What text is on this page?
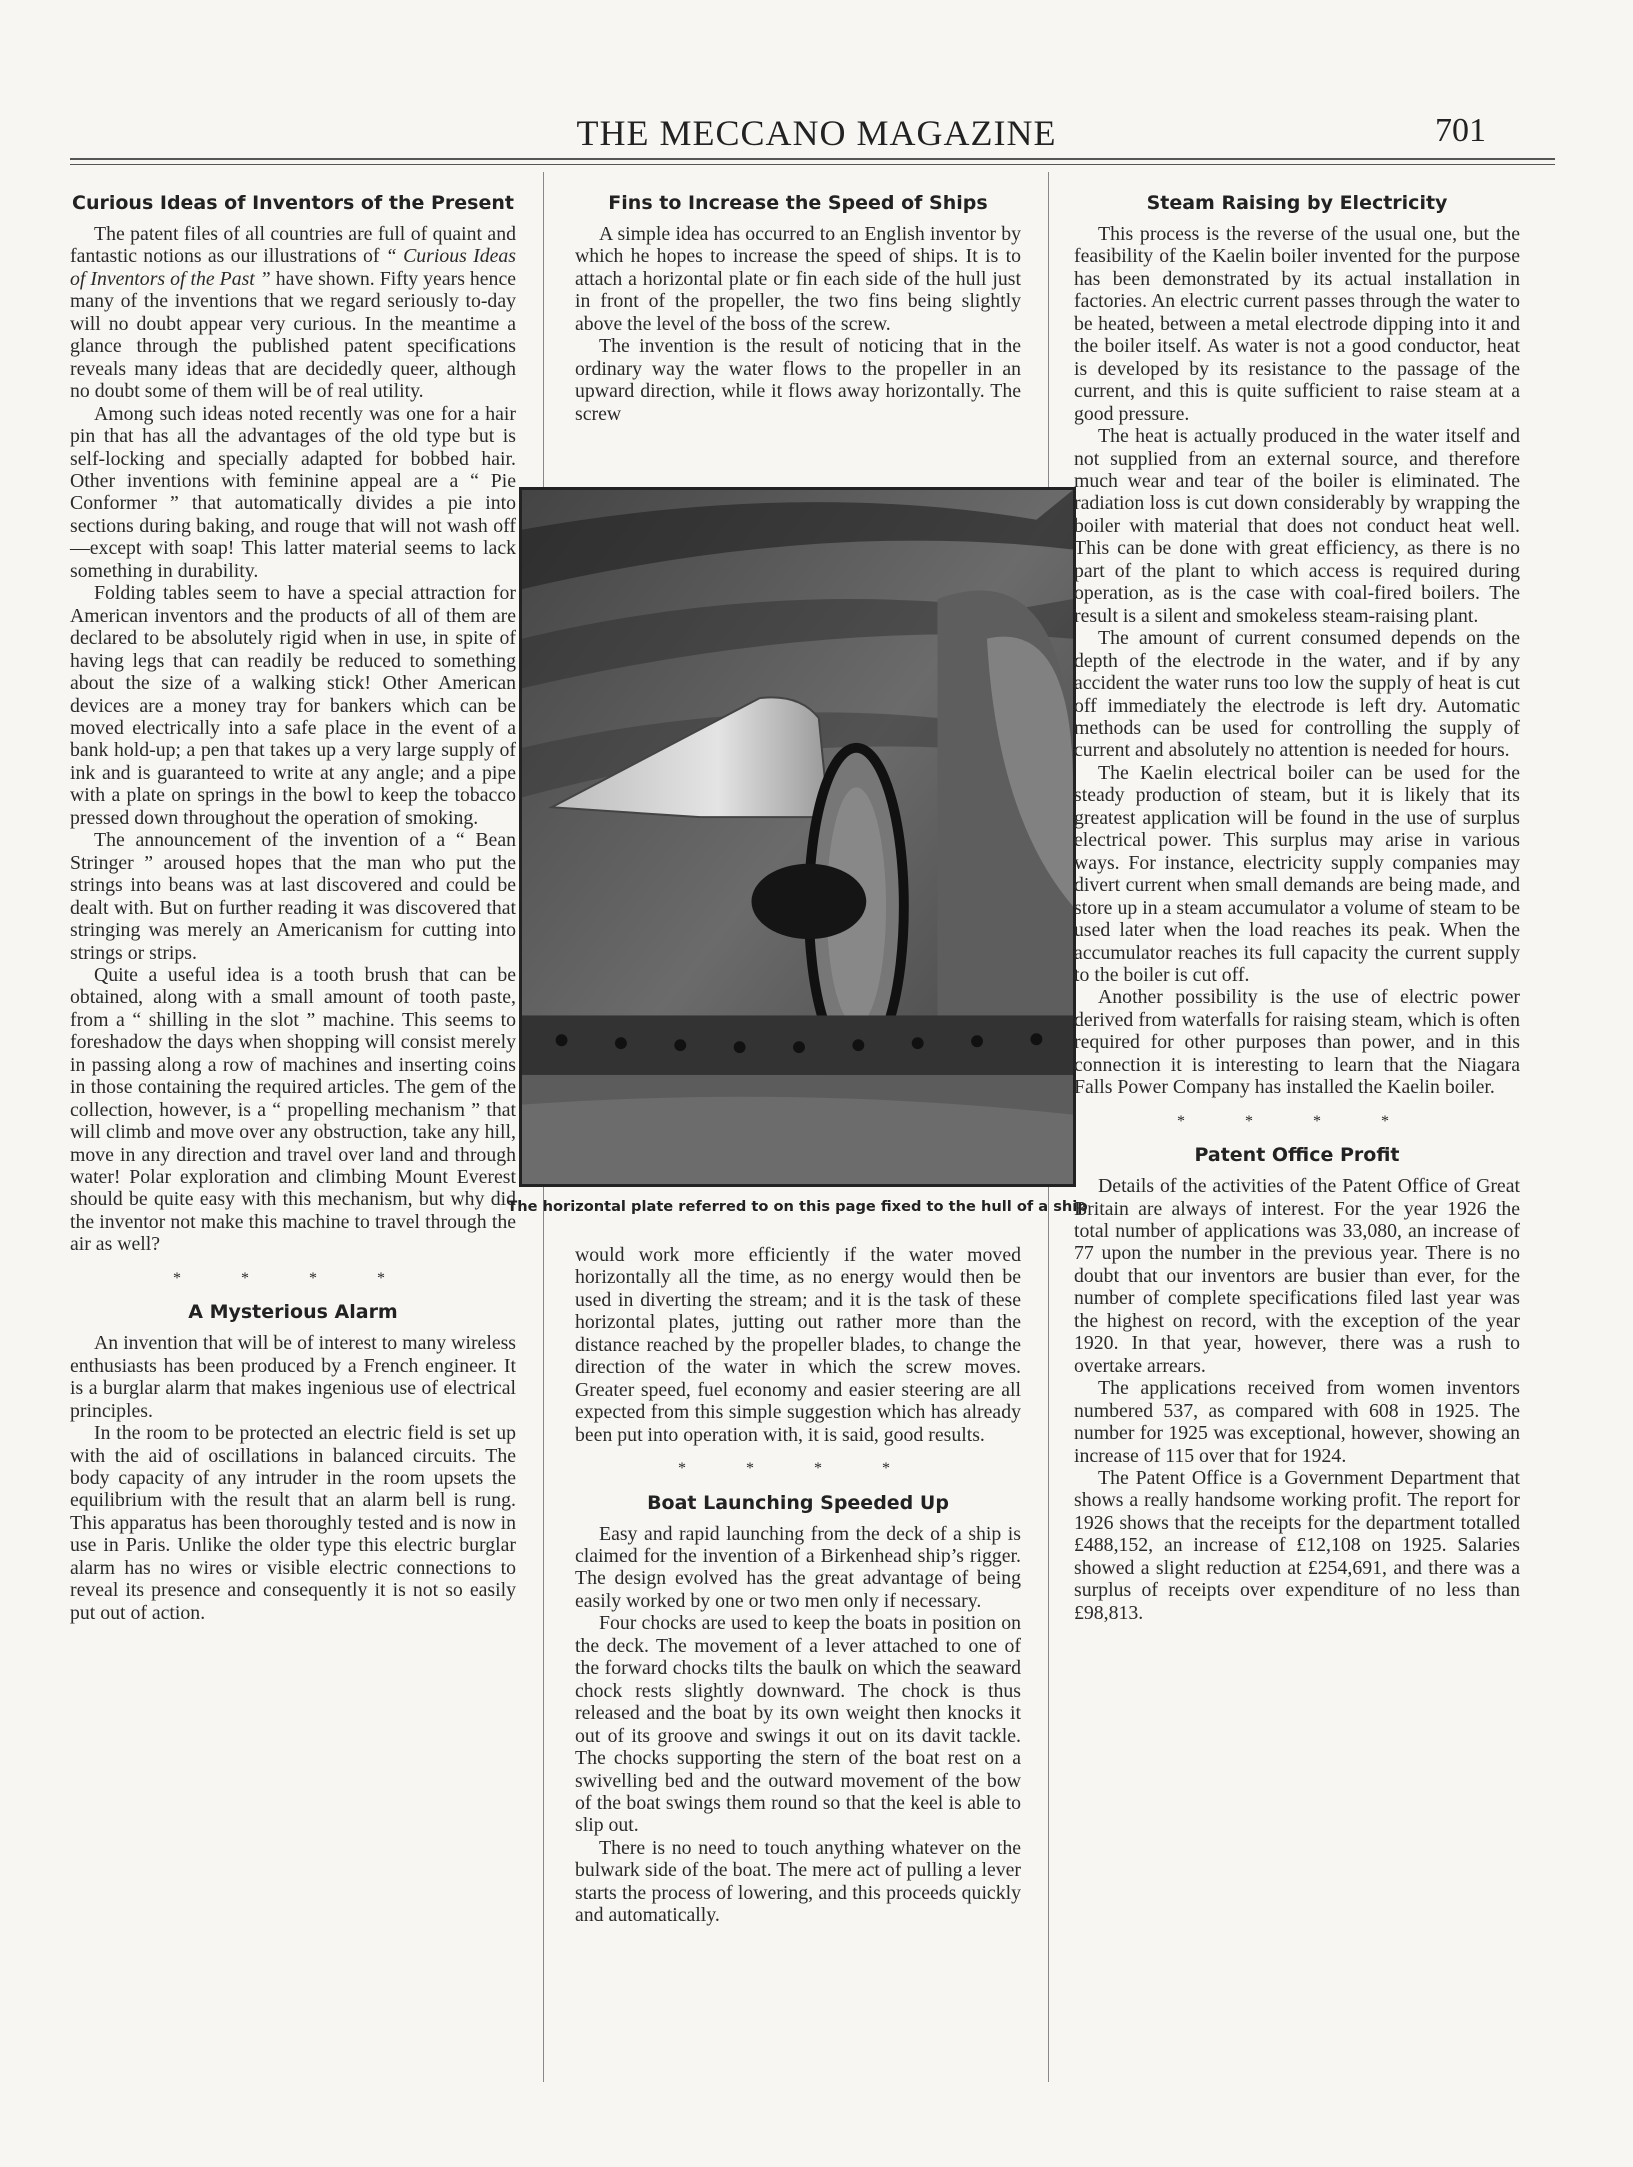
THE MECCANO MAGAZINE	701
Curious Ideas of Inventors of the Present

The patent files of all countries are full of quaint and fantastic notions as our illustrations of “ Curious Ideas of Inventors of the Past ” have shown. Fifty years hence many of the inventions that we regard seriously to-day will no doubt appear very curious. In the meantime a glance through the published patent specifications reveals many ideas that are decidedly queer, although no doubt some of them will be of real utility.

Among such ideas noted recently was one for a hair pin that has all the advantages of the old type but is self-locking and specially adapted for bobbed hair. Other inventions with feminine appeal are a “ Pie Conformer ” that automatically divides a pie into sections during baking, and rouge that will not wash off—except with soap! This latter material seems to lack something in durability.

Folding tables seem to have a special attraction for American inventors and the products of all of them are declared to be absolutely rigid when in use, in spite of having legs that can readily be reduced to something about the size of a walking stick! Other American devices are a money tray for bankers which can be moved electrically into a safe place in the event of a bank hold-up; a pen that takes up a very large supply of ink and is guaranteed to write at any angle; and a pipe with a plate on springs in the bowl to keep the tobacco pressed down throughout the operation of smoking.

The announcement of the invention of a “ Bean Stringer ” aroused hopes that the man who put the strings into beans was at last discovered and could be dealt with. But on further reading it was discovered that stringing was merely an Americanism for cutting into strings or strips.

Quite a useful idea is a tooth brush that can be obtained, along with a small amount of tooth paste, from a “ shilling in the slot ” machine. This seems to foreshadow the days when shopping will consist merely in passing along a row of machines and inserting coins in those containing the required articles. The gem of the collection, however, is a “ propelling mechanism ” that will climb and move over any obstruction, take any hill, move in any direction and travel over land and through water! Polar exploration and climbing Mount Everest should be quite easy with this mechanism, but why did the inventor not make this machine to travel through the air as well?

* * * *
A Mysterious Alarm

An invention that will be of interest to many wireless enthusiasts has been produced by a French engineer. It is a burglar alarm that makes ingenious use of electrical principles.

In the room to be protected an electric field is set up with the aid of oscillations in balanced circuits. The body capacity of any intruder in the room upsets the equilibrium with the result that an alarm bell is rung. This apparatus has been thoroughly tested and is now in use in Paris. Unlike the older type this electric burglar alarm has no wires or visible electric connections to reveal its presence and consequently it is not so easily put out of action.

Fins to Increase the Speed of Ships

A simple idea has occurred to an English inventor by which he hopes to increase the speed of ships. It is to attach a horizontal plate or fin each side of the hull just in front of the propeller, the two fins being slightly above the level of the boss of the screw.

The invention is the result of noticing that in the ordinary way the water flows to the propeller in an upward direction, while it flows away horizontally. The screw

The horizontal plate referred to on this page fixed to the hull of a ship

would work more efficiently if the water moved horizontally all the time, as no energy would then be used in diverting the stream; and it is the task of these horizontal plates, jutting out rather more than the distance reached by the propeller blades, to change the direction of the water in which the screw moves. Greater speed, fuel economy and easier steering are all expected from this simple suggestion which has already been put into operation with, it is said, good results.

* * * *
Boat Launching Speeded Up

Easy and rapid launching from the deck of a ship is claimed for the invention of a Birkenhead ship’s rigger. The design evolved has the great advantage of being easily worked by one or two men only if necessary.

Four chocks are used to keep the boats in position on the deck. The movement of a lever attached to one of the forward chocks tilts the baulk on which the seaward chock rests slightly downward. The chock is thus released and the boat by its own weight then knocks it out of its groove and swings it out on its davit tackle. The chocks supporting the stern of the boat rest on a swivelling bed and the outward movement of the bow of the boat swings them round so that the keel is able to slip out.

There is no need to touch anything whatever on the bulwark side of the boat. The mere act of pulling a lever starts the process of lowering, and this proceeds quickly and automatically.

Steam Raising by Electricity

This process is the reverse of the usual one, but the feasibility of the Kaelin boiler invented for the purpose has been demonstrated by its actual installation in factories. An electric current passes through the water to be heated, between a metal electrode dipping into it and the boiler itself. As water is not a good conductor, heat is developed by its resistance to the passage of the current, and this is quite sufficient to raise steam at a good pressure.

The heat is actually produced in the water itself and not supplied from an external source, and therefore much wear and tear of the boiler is eliminated. The radiation loss is cut down considerably by wrapping the boiler with material that does not conduct heat well. This can be done with great efficiency, as there is no part of the plant to which access is required during operation, as is the case with coal-fired boilers. The result is a silent and smokeless steam-raising plant.

The amount of current consumed depends on the depth of the electrode in the water, and if by any accident the water runs too low the supply of heat is cut off immediately the electrode is left dry. Automatic methods can be used for controlling the supply of current and absolutely no attention is needed for hours.

The Kaelin electrical boiler can be used for the steady production of steam, but it is likely that its greatest application will be found in the use of surplus electrical power. This surplus may arise in various ways. For instance, electricity supply companies may divert current when small demands are being made, and store up in a steam accumulator a volume of steam to be used later when the load reaches its peak. When the accumulator reaches its full capacity the current supply to the boiler is cut off.

Another possibility is the use of electric power derived from waterfalls for raising steam, which is often required for other purposes than power, and in this connection it is interesting to learn that the Niagara Falls Power Company has installed the Kaelin boiler.

* * * *
Patent Office Profit

Details of the activities of the Patent Office of Great Britain are always of interest. For the year 1926 the total number of applications was 33,080, an increase of 77 upon the number in the previous year. There is no doubt that our inventors are busier than ever, for the number of complete specifications filed last year was the highest on record, with the exception of the year 1920. In that year, however, there was a rush to overtake arrears.

The applications received from women inventors numbered 537, as compared with 608 in 1925. The number for 1925 was exceptional, however, showing an increase of 115 over that for 1924.

The Patent Office is a Government Department that shows a really handsome working profit. The report for 1926 shows that the receipts for the department totalled £488,152, an increase of £12,108 on 1925. Salaries showed a slight reduction at £254,691, and there was a surplus of receipts over expenditure of no less than £98,813.
